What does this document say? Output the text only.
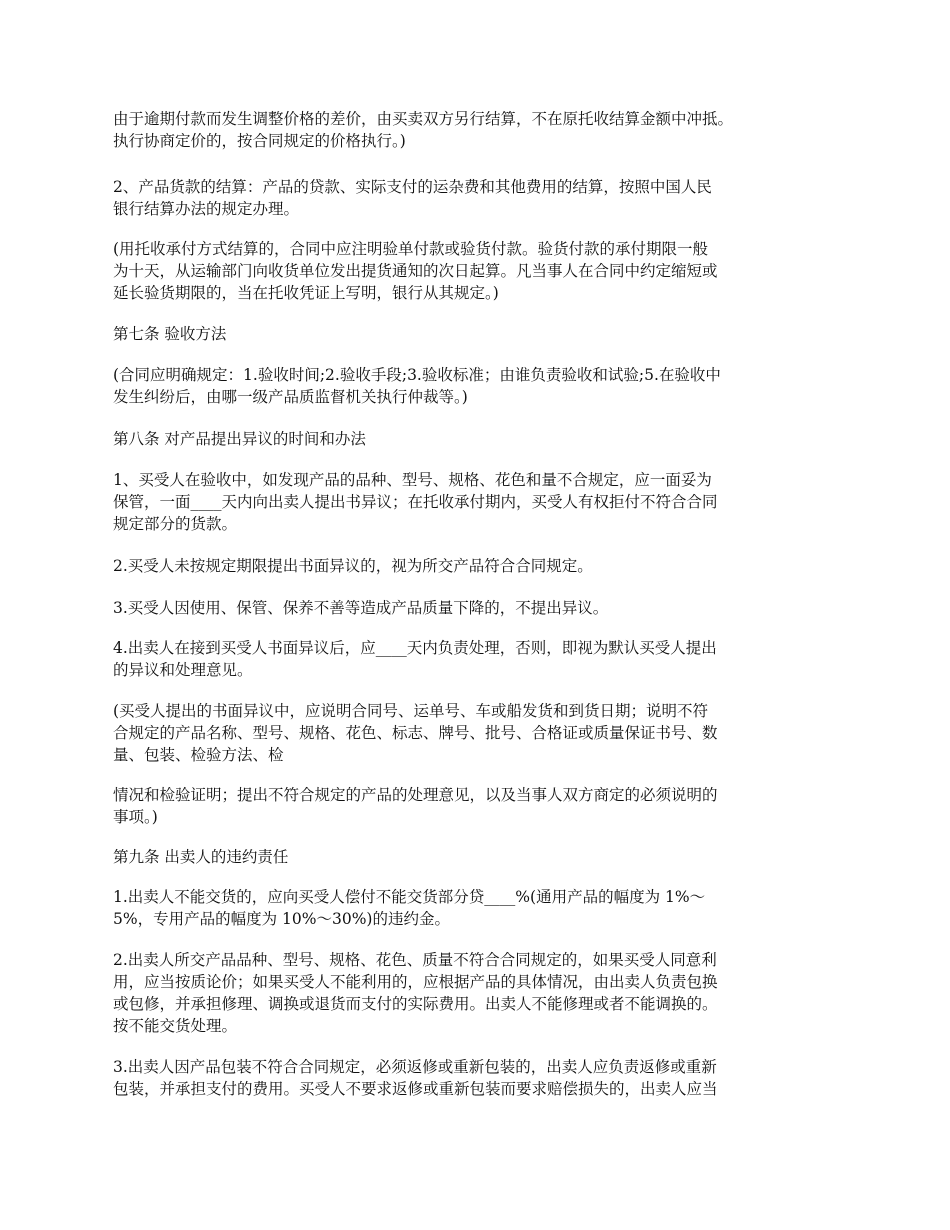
由于逾期付款而发生调整价格的差价，由买卖双方另行结算，不在原托收结算金额中冲抵。
执行协商定价的，按合同规定的价格执行。)

2、产品货款的结算：产品的贷款、实际支付的运杂费和其他费用的结算，按照中国人民
银行结算办法的规定办理。

(用托收承付方式结算的，合同中应注明验单付款或验货付款。验货付款的承付期限一般
为十天，从运输部门向收货单位发出提货通知的次日起算。凡当事人在合同中约定缩短或
延长验货期限的，当在托收凭证上写明，银行从其规定。)

第七条 验收方法

(合同应明确规定：1.验收时间;2.验收手段;3.验收标准；由谁负责验收和试验;5.在验收中
发生纠纷后，由哪一级产品质监督机关执行仲裁等。)

第八条 对产品提出异议的时间和办法

1、买受人在验收中，如发现产品的品种、型号、规格、花色和量不合规定，应一面妥为
保管，一面____天内向出卖人提出书异议；在托收承付期内，买受人有权拒付不符合合同
规定部分的货款。

2.买受人未按规定期限提出书面异议的，视为所交产品符合合同规定。

3.买受人因使用、保管、保养不善等造成产品质量下降的，不提出异议。

4.出卖人在接到买受人书面异议后，应____天内负责处理，否则，即视为默认买受人提出
的异议和处理意见。

(买受人提出的书面异议中，应说明合同号、运单号、车或船发货和到货日期；说明不符
合规定的产品名称、型号、规格、花色、标志、牌号、批号、合格证或质量保证书号、数
量、包装、检验方法、检

情况和检验证明；提出不符合规定的产品的处理意见，以及当事人双方商定的必须说明的
事项。)

第九条 出卖人的违约责任

1.出卖人不能交货的，应向买受人偿付不能交货部分贷____%(通用产品的幅度为 1%～
5%，专用产品的幅度为 10%～30%)的违约金。

2.出卖人所交产品品种、型号、规格、花色、质量不符合合同规定的，如果买受人同意利
用，应当按质论价；如果买受人不能利用的，应根据产品的具体情况，由出卖人负责包换
或包修，并承担修理、调换或退货而支付的实际费用。出卖人不能修理或者不能调换的。
按不能交货处理。

3.出卖人因产品包装不符合合同规定，必须返修或重新包装的，出卖人应负责返修或重新
包装，并承担支付的费用。买受人不要求返修或重新包装而要求赔偿损失的，出卖人应当
